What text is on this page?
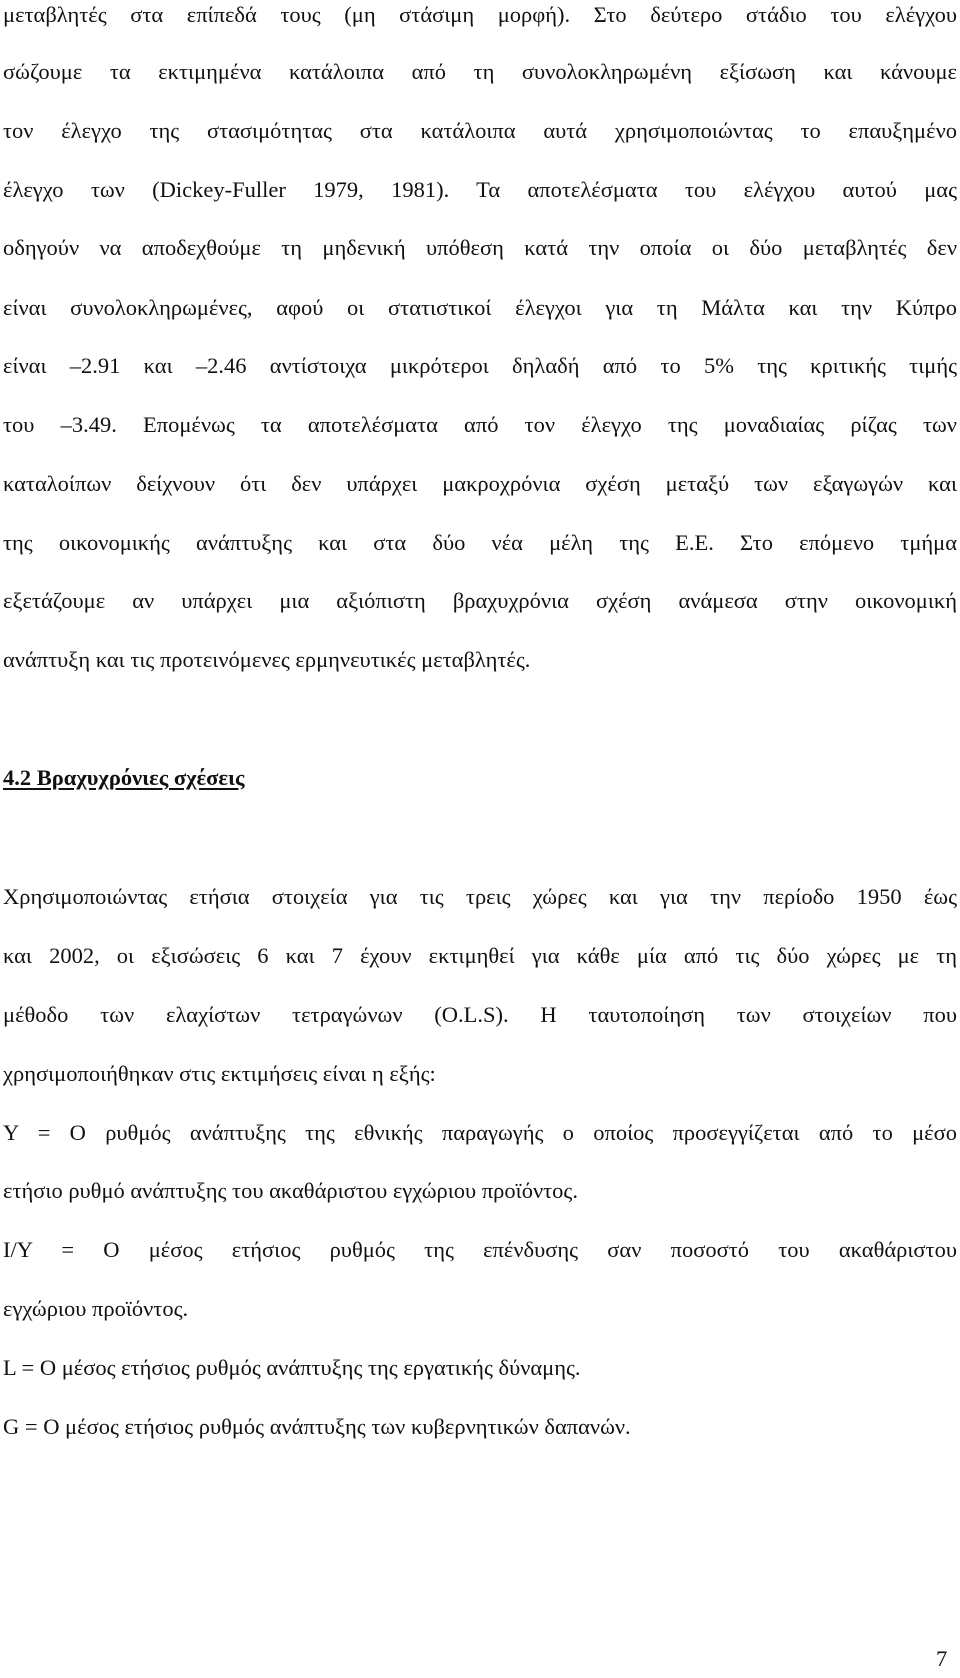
μεταβλητές στα επίπεδά τους (μη στάσιμη μορφή). Στο δεύτερο στάδιο του ελέγχου
σώζουμε τα εκτιμημένα κατάλοιπα από τη συνολοκληρωμένη εξίσωση και κάνουμε
τον έλεγχο της στασιμότητας στα κατάλοιπα αυτά χρησιμοποιώντας το επαυξημένο
έλεγχο των (Dickey-Fuller 1979, 1981). Τα αποτελέσματα του ελέγχου αυτού μας
οδηγούν να αποδεχθούμε τη μηδενική υπόθεση κατά την οποία οι δύο μεταβλητές δεν
είναι συνολοκληρωμένες, αφού οι στατιστικοί έλεγχοι για τη Μάλτα και την Κύπρο
είναι –2.91 και –2.46 αντίστοιχα μικρότεροι δηλαδή από το 5% της κριτικής τιμής
του –3.49. Επομένως τα αποτελέσματα από τον έλεγχο της μοναδιαίας ρίζας των
καταλοίπων δείχνουν ότι δεν υπάρχει μακροχρόνια σχέση μεταξύ των εξαγωγών και
της οικονομικής ανάπτυξης και στα δύο νέα μέλη της Ε.Ε. Στο επόμενο τμήμα
εξετάζουμε αν υπάρχει μια αξιόπιστη βραχυχρόνια σχέση ανάμεσα στην οικονομική
ανάπτυξη και τις προτεινόμενες ερμηνευτικές μεταβλητές.
4.2 Βραχυχρόνιες σχέσεις
Χρησιμοποιώντας ετήσια στοιχεία για τις τρεις χώρες και για την περίοδο 1950 έως
και 2002, οι εξισώσεις 6 και 7 έχουν εκτιμηθεί για κάθε μία από τις δύο χώρες με τη
μέθοδο των ελαχίστων τετραγώνων (O.L.S). Η ταυτοποίηση των στοιχείων που
χρησιμοποιήθηκαν στις εκτιμήσεις είναι η εξής:
Y = Ο ρυθμός ανάπτυξης της εθνικής παραγωγής ο οποίος προσεγγίζεται από το μέσο
ετήσιο ρυθμό ανάπτυξης του ακαθάριστου εγχώριου προϊόντος.
I/Y = Ο μέσος ετήσιος ρυθμός της επένδυσης σαν ποσοστό του ακαθάριστου
εγχώριου προϊόντος.
L = Ο μέσος ετήσιος ρυθμός ανάπτυξης της εργατικής δύναμης.
G = Ο μέσος ετήσιος ρυθμός ανάπτυξης των κυβερνητικών δαπανών.
7
